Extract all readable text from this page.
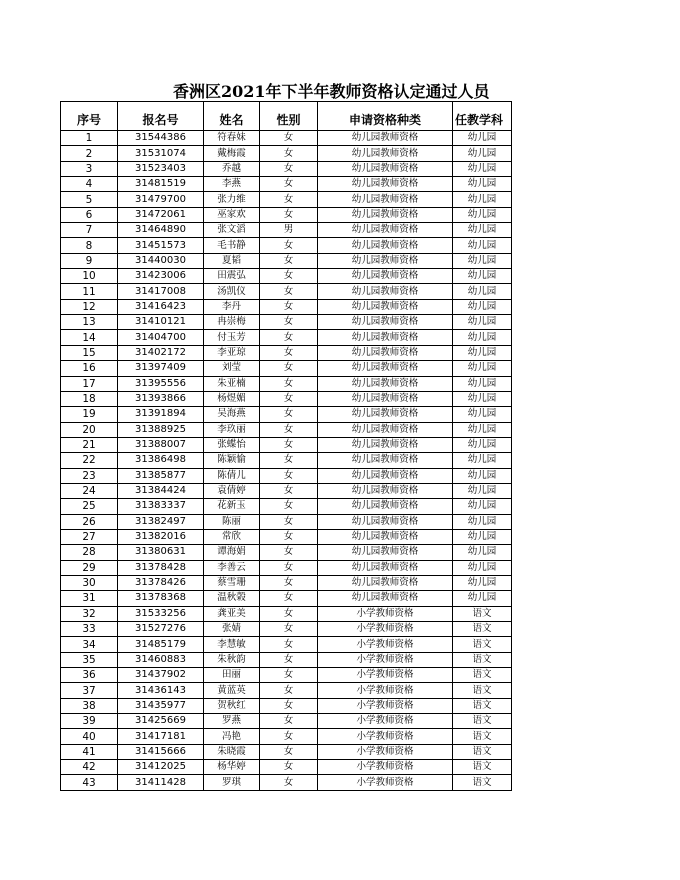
香洲区2021年下半年教师资格认定通过人员
序号	报名号	姓名	性别	申请资格种类	任教学科
1	31544386	符春妹	女	幼儿园教师资格	幼儿园
2	31531074	戴梅霞	女	幼儿园教师资格	幼儿园
3	31523403	乔越	女	幼儿园教师资格	幼儿园
4	31481519	李燕	女	幼儿园教师资格	幼儿园
5	31479700	张力维	女	幼儿园教师资格	幼儿园
6	31472061	巫家欢	女	幼儿园教师资格	幼儿园
7	31464890	张文滔	男	幼儿园教师资格	幼儿园
8	31451573	毛书静	女	幼儿园教师资格	幼儿园
9	31440030	夏韬	女	幼儿园教师资格	幼儿园
10	31423006	田震弘	女	幼儿园教师资格	幼儿园
11	31417008	汤凯仪	女	幼儿园教师资格	幼儿园
12	31416423	李丹	女	幼儿园教师资格	幼儿园
13	31410121	冉崇梅	女	幼儿园教师资格	幼儿园
14	31404700	付玉芳	女	幼儿园教师资格	幼儿园
15	31402172	李亚琼	女	幼儿园教师资格	幼儿园
16	31397409	刘莹	女	幼儿园教师资格	幼儿园
17	31395556	朱亚楠	女	幼儿园教师资格	幼儿园
18	31393866	杨煜媚	女	幼儿园教师资格	幼儿园
19	31391894	吴海燕	女	幼儿园教师资格	幼儿园
20	31388925	李玖丽	女	幼儿园教师资格	幼儿园
21	31388007	张蝶怡	女	幼儿园教师资格	幼儿园
22	31386498	陈颖愉	女	幼儿园教师资格	幼儿园
23	31385877	陈倩儿	女	幼儿园教师资格	幼儿园
24	31384424	袁倩婷	女	幼儿园教师资格	幼儿园
25	31383337	花新玉	女	幼儿园教师资格	幼儿园
26	31382497	陈丽	女	幼儿园教师资格	幼儿园
27	31382016	常欣	女	幼儿园教师资格	幼儿园
28	31380631	谭海娟	女	幼儿园教师资格	幼儿园
29	31378428	李善云	女	幼儿园教师资格	幼儿园
30	31378426	蔡雪珊	女	幼儿园教师资格	幼儿园
31	31378368	温秋榖	女	幼儿园教师资格	幼儿园
32	31533256	龚亚美	女	小学教师资格	语文
33	31527276	张婧	女	小学教师资格	语文
34	31485179	李慧敏	女	小学教师资格	语文
35	31460883	朱秋韵	女	小学教师资格	语文
36	31437902	田丽	女	小学教师资格	语文
37	31436143	黄蓝英	女	小学教师资格	语文
38	31435977	贺秋红	女	小学教师资格	语文
39	31425669	罗燕	女	小学教师资格	语文
40	31417181	冯艳	女	小学教师资格	语文
41	31415666	朱晓霞	女	小学教师资格	语文
42	31412025	杨华婷	女	小学教师资格	语文
43	31411428	罗琪	女	小学教师资格	语文
